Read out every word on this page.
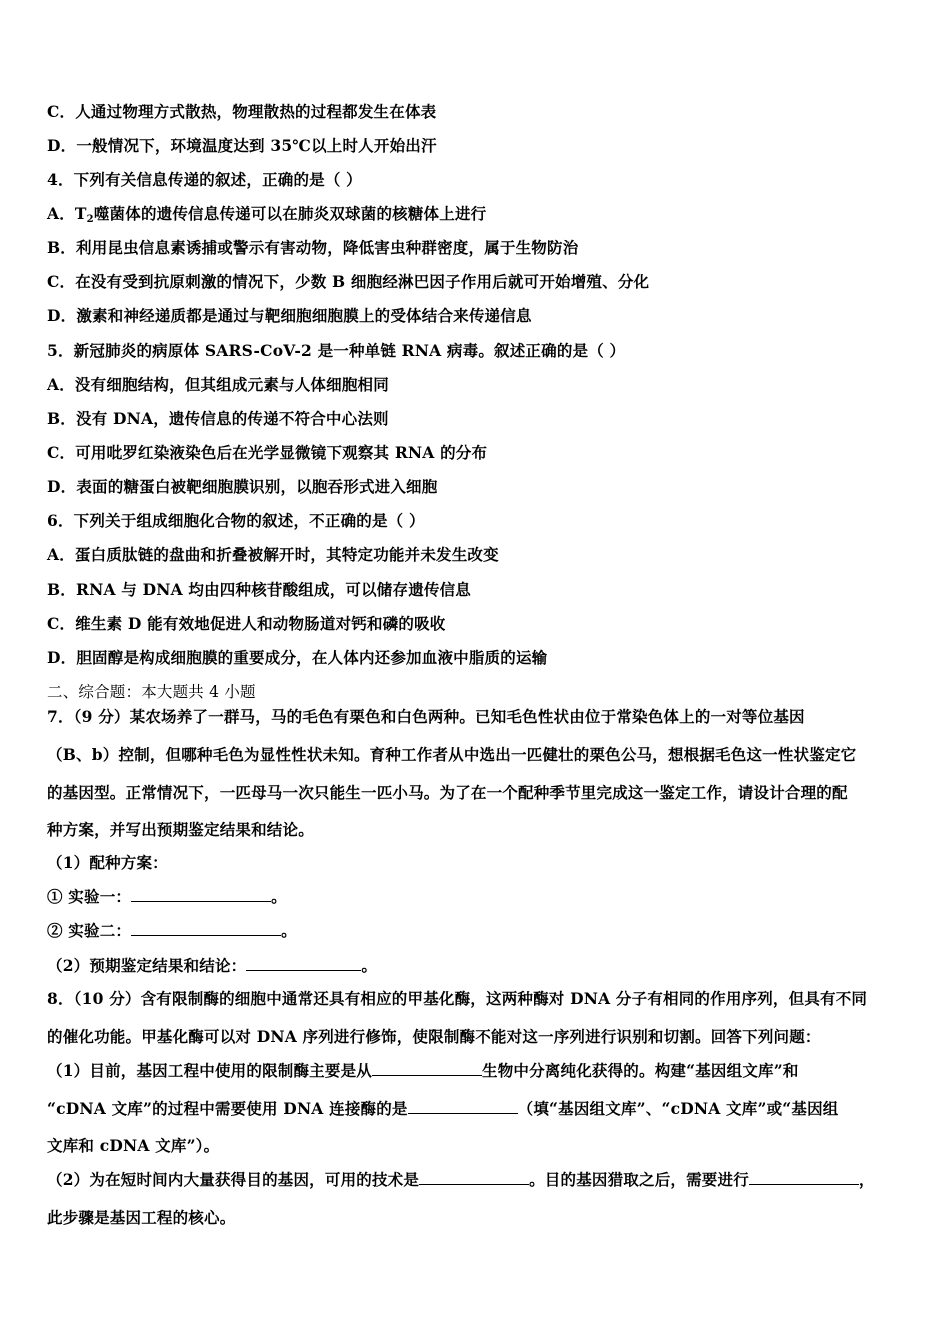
C．人通过物理方式散热，物理散热的过程都发生在体表
D．一般情况下，环境温度达到 35℃以上时人开始出汗
4．下列有关信息传递的叙述，正确的是（ ）
A．$T_2$噬菌体的遗传信息传递可以在肺炎双球菌的核糖体上进行
B．利用昆虫信息素诱捕或警示有害动物，降低害虫种群密度，属于生物防治
C．在没有受到抗原刺激的情况下，少数 B 细胞经淋巴因子作用后就可开始增殖、分化
D．激素和神经递质都是通过与靶细胞细胞膜上的受体结合来传递信息
5．新冠肺炎的病原体 SARS-CoV-2 是一种单链 RNA 病毒。叙述正确的是（ ）
A．没有细胞结构，但其组成元素与人体细胞相同
B．没有 DNA，遗传信息的传递不符合中心法则
C．可用吡罗红染液染色后在光学显微镜下观察其 RNA 的分布
D．表面的糖蛋白被靶细胞膜识别，以胞吞形式进入细胞
6．下列关于组成细胞化合物的叙述，不正确的是（ ）
A．蛋白质肽链的盘曲和折叠被解开时，其特定功能并未发生改变
B．RNA 与 DNA 均由四种核苷酸组成，可以储存遗传信息
C．维生素 D 能有效地促进人和动物肠道对钙和磷的吸收
D．胆固醇是构成细胞膜的重要成分，在人体内还参加血液中脂质的运输
二、综合题：本大题共 4 小题
7．（9 分）某农场养了一群马，马的毛色有栗色和白色两种。已知毛色性状由位于常染色体上的一对等位基因
（B、b）控制，但哪种毛色为显性性状未知。育种工作者从中选出一匹健壮的栗色公马，想根据毛色这一性状鉴定它
的基因型。正常情况下，一匹母马一次只能生一匹小马。为了在一个配种季节里完成这一鉴定工作，请设计合理的配
种方案，并写出预期鉴定结果和结论。
（1）配种方案：
① 实验一：	。
② 实验二：	。
（2）预期鉴定结果和结论：	。
8．（10 分）含有限制酶的细胞中通常还具有相应的甲基化酶，这两种酶对 DNA 分子有相同的作用序列，但具有不同
的催化功能。甲基化酶可以对 DNA 序列进行修饰，使限制酶不能对这一序列进行识别和切割。回答下列问题：
（1）目前，基因工程中使用的限制酶主要是从	生物中分离纯化获得的。构建“基因组文库”和
“cDNA 文库”的过程中需要使用 DNA 连接酶的是	（填“基因组文库”、“cDNA 文库”或“基因组
文库和 cDNA 文库”）。
（2）为在短时间内大量获得目的基因，可用的技术是	。目的基因猎取之后，需要进行	，
此步骤是基因工程的核心。
